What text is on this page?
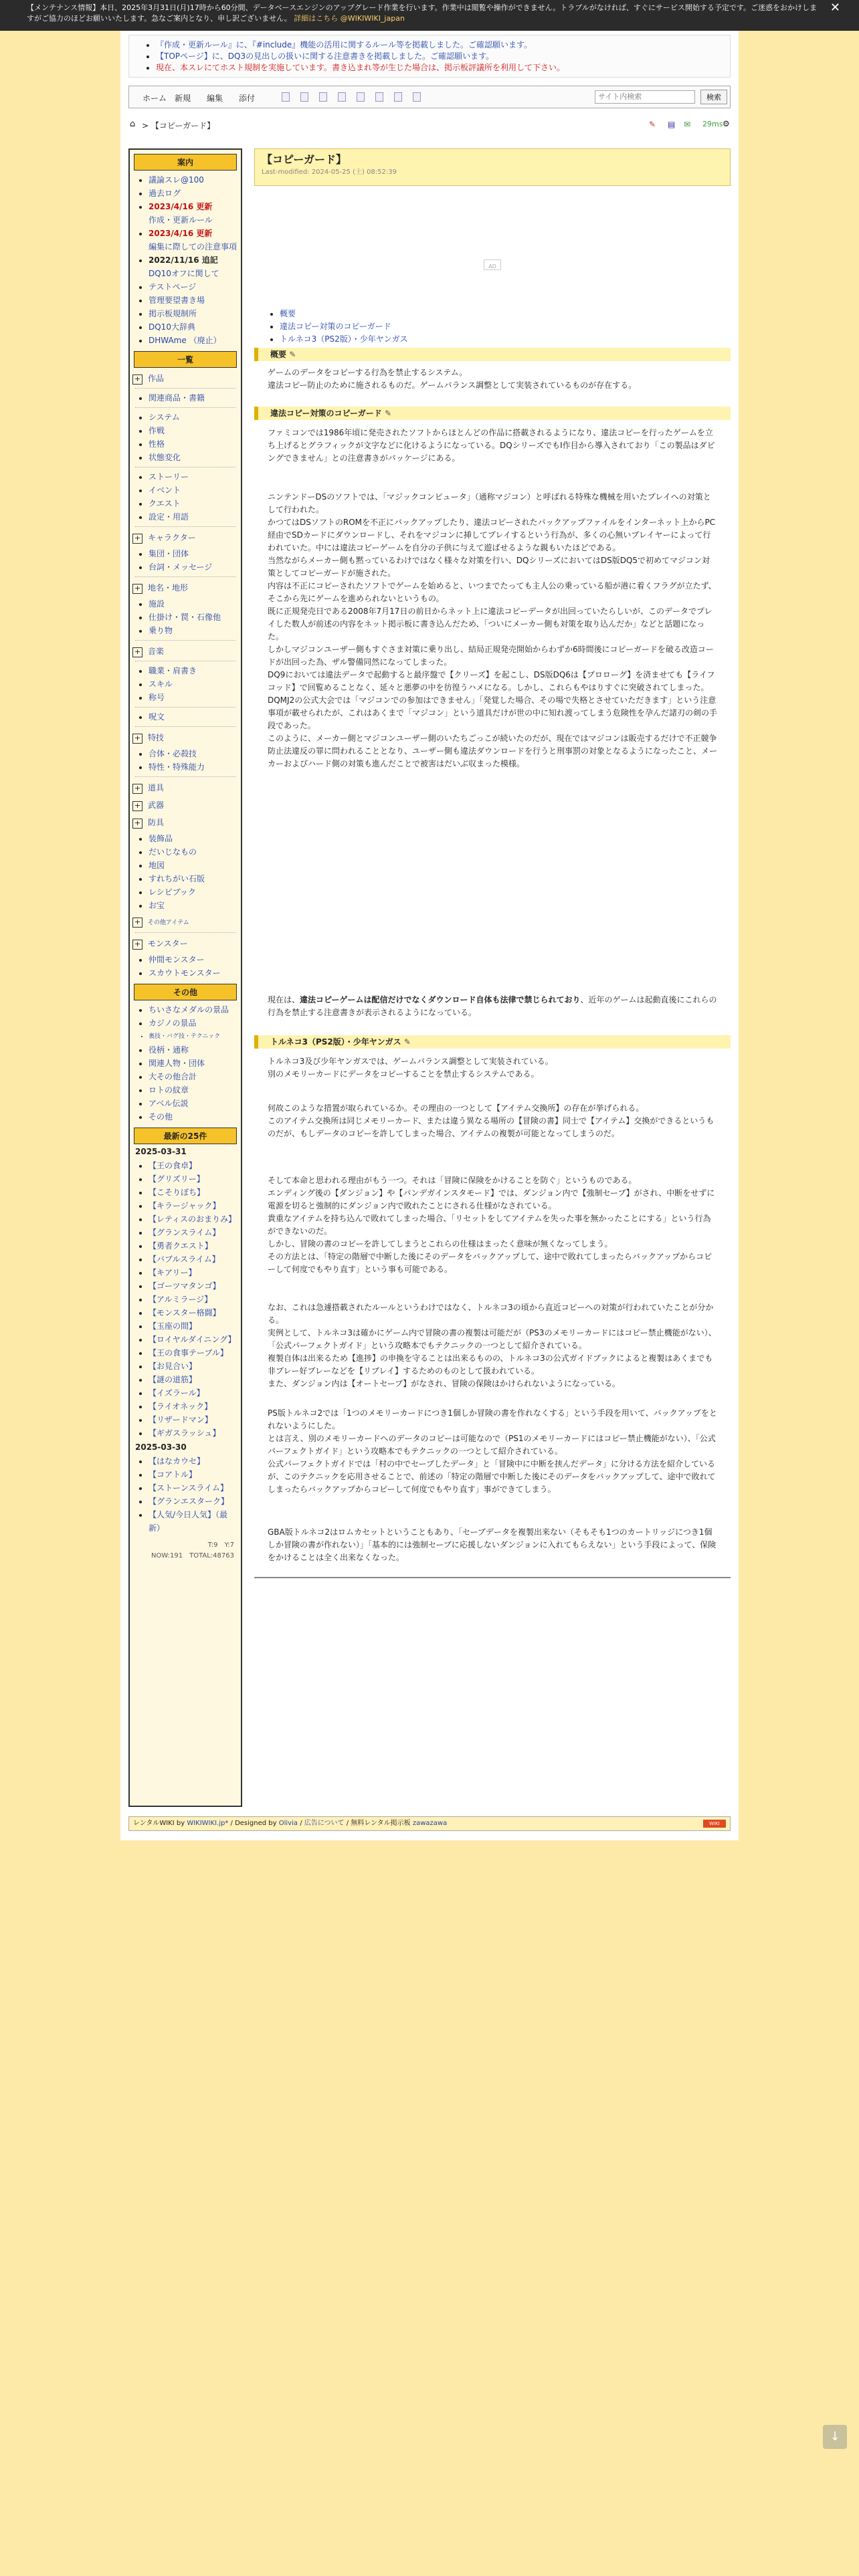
【メンテナンス情報】本日、2025年3月31日(月)17時から60分間、データベースエンジンのアップグレード作業を行います。作業中は閲覧や操作ができません。トラブルがなければ、すぐにサービス開始する予定です。ご迷惑をおかけしますがご協力のほどお願いいたします。急なご案内となり、申し訳ございません。 詳細はこちら @WIKIWIKI_japan
✕
• 『作成・更新ルール』に、『#include』機能の活用に関するルール等を掲載しました。ご確認願います。
• 【TOPページ】に、DQ3の見出しの扱いに関する注意書きを掲載しました。ご確認願います。
• 現在、本スレにてホスト規制を実施しています。書き込まれ等が生じた場合は、掲示板評議所を利用して下さい。
ホーム 新規 編集 添付
サイト内検索	検索
⌂ > 【コピーガード】	✎ ▤ ✉ 29ms ⚙
案内
• 議論スレ@100
• 過去ログ
• 2023/4/16 更新
作成・更新ルール
• 2023/4/16 更新
編集に際しての注意事項
• 2022/11/16 追記
DQ10オフに関して
• テストページ
• 管理要望書き場
• 掲示板規制所
• DQ10大辞典
• DHWAme （廃止）
一覧
+ 作品
• 関連商品・書籍
• システム
• 作戦
• 性格
• 状態変化
• ストーリー
• イベント
• クエスト
• 設定・用語
+ キャラクター
• 集団・団体
• 台詞・メッセージ
+ 地名・地形
• 施設
• 仕掛け・罠・石像他
• 乗り物
+ 音楽
• 職業・肩書き
• スキル
• 称号
• 呪文
+ 特技
• 合体・必殺技
• 特性・特殊能力
+ 道具
+ 武器
+ 防具
• 装飾品
• だいじなもの
• 地図
• すれちがい石版
• レシピブック
• お宝
+ その他アイテム
+ モンスター
• 仲間モンスター
• スカウトモンスター
その他
• ちいさなメダルの景品
• カジノの景品
• 裏技・バグ技・テクニック
• 役柄・通称
• 関連人物・団体
• 大その他合計
• ロトの紋章
• アベル伝説
• その他
最新の25件
2025-03-31
• 【王の食卓】
• 【グリズリー】
• 【こそりぼち】
• 【キラージャック】
• 【レティスのおまりみ】
• 【グランスライム】
• 【勇者クエスト】
• 【バブルスライム】
• 【キアリー】
• 【ゴーツマタンゴ】
• 【アルミラージ】
• 【モンスター格闘】
• 【玉座の間】
• 【ロイヤルダイニング】
• 【王の食事テーブル】
• 【お見合い】
• 【謎の道筋】
• 【イズラール】
• 【ライオネック】
• 【リザードマン】
• 【ギガスラッシュ】
2025-03-30
• 【はなカウセ】
• 【コアトル】
• 【ストーンスライム】
• 【グランエスターク】
• 【人気/今日人気】（最新）
T:9　Y:7
NOW:191　TOTAL:48763
【コピーガード】
Last-modified: 2024-05-25 (土) 08:52:39
AD
• 概要
• 違法コピー対策のコピーガード
• トルネコ3（PS2版）・少年ヤンガス
概要 ✎
ゲームのデータをコピーする行為を禁止するシステム。
違法コピー防止のために施されるものだ。ゲームバランス調整として実装されているものが存在する。
違法コピー対策のコピーガード ✎
ファミコンでは1986年頃に発売されたソフトからほとんどの作品に搭載されるようになり、違法コピーを行ったゲームを立ち上げるとグラフィックが文字などに化けるようになっている。DQシリーズでもI作目から導入されており「この製品はダビングできません」との注意書きがパッケージにある。
ニンテンドーDSのソフトでは、「マジックコンピュータ」（通称マジコン）と呼ばれる特殊な機械を用いたプレイへの対策として行われた。
かつてはDSソフトのROMを不正にバックアップしたり、違法コピーされたバックアップファイルをインターネット上からPC経由でSDカードにダウンロードし、それをマジコンに挿してプレイするという行為が、多くの心無いプレイヤーによって行われていた。中には違法コピーゲームを自分の子供に与えて遊ばせるような親もいたほどである。
当然ながらメーカー側も黙っているわけではなく様々な対策を行い、DQシリーズにおいてはDS版DQ5で初めてマジコン対策としてコピーガードが施された。
内容は不正にコピーされたソフトでゲームを始めると、いつまでたっても主人公の乗っている船が港に着くフラグが立たず、そこから先にゲームを進められないというもの。
既に正規発売日である2008年7月17日の前日からネット上に違法コピーデータが出回っていたらしいが、このデータでプレイした数人が前述の内容をネット掲示板に書き込んだため、「ついにメーカー側も対策を取り込んだか」などと話題になった。
しかしマジコンユーザー側もすぐさま対策に乗り出し、結局正規発売開始からわずか6時間後にコピーガードを破る改造コードが出回った為、ザル警備同然になってしまった。
DQ9においては違法データで起動すると最序盤で【クリーズ】を起こし、DS版DQ6は【ブロローグ】を済ませても【ライフコッド】で回覧めることなく、延々と悪夢の中を彷徨うハメになる。しかし、これらもやはりすぐに突破されてしまった。
DQMJ2の公式大会では「マジコンでの参加はできません」「発覚した場合、その場で失格とさせていただきます」という注意事項が載せられたが、これはあくまで「マジコン」という道具だけが世の中に知れ渡ってしまう危険性を孕んだ諸刃の剣の手段であった。
このように、メーカー側とマジコンユーザー側のいたちごっこが続いたのだが、現在ではマジコンは販売するだけで不正競争防止法違反の罪に問われることとなり、ユーザー側も違法ダウンロードを行うと刑事罰の対象となるようになったこと、メーカーおよびハード側の対策も進んだことで被害はだいぶ収まった模様。
現在は、違法コピーゲームは配信だけでなくダウンロード自体も法律で禁じられており、近年のゲームは起動直後にこれらの行為を禁止する注意書きが表示されるようになっている。
トルネコ3（PS2版）・少年ヤンガス ✎
トルネコ3及び少年ヤンガスでは、ゲームバランス調整として実装されている。
別のメモリーカードにデータをコピーすることを禁止するシステムである。
何故このような措置が取られているか。その理由の一つとして【アイテム交換所】の存在が挙げられる。
このアイテム交換所は同じメモリーカード、または違う異なる場所の【冒険の書】同士で【アイテム】交換ができるというものだが、もしデータのコピーを許してしまった場合、アイテムの複製が可能となってしまうのだ。
そして本命と思われる理由がもう一つ。それは「冒険に保険をかけることを防ぐ」というものである。
エンディング後の【ダンジョン】や【パンデガインスタモード】では、ダンジョン内で【強制セーブ】がされ、中断をせずに電源を切ると強制的にダンジョン内で敗れたことにされる仕様がなされている。
貴重なアイテムを持ち込んで敗れてしまった場合、「リセットをしてアイテムを失った事を無かったことにする」という行為ができないのだ。
しかし、冒険の書のコピーを許してしまうとこれらの仕様はまったく意味が無くなってしまう。
その方法とは、「特定の階層で中断した後にそのデータをバックアップして、途中で敗れてしまったらバックアップからコピーして何度でもやり直す」という事も可能である。
なお、これは急遽搭載されたルールというわけではなく、トルネコ3の頃から直近コピーへの対策が行われていたことが分かる。
実例として、トルネコ3は確かにゲーム内で冒険の書の複製は可能だが（PS3のメモリーカードにはコピー禁止機能がない）、「公式パーフェクトガイド」という攻略本でもテクニックの一つとして紹介されている。
複製自体は出来るため【進捗】の申換を守ることは出来るものの、トルネコ3の公式ガイドブックによると複製はあくまでも非プレー好プレーなどを【リブレイ】するためのものとして扱われている。
また、ダンジョン内は【オートセーブ】がなされ、冒険の保険はかけられないようになっている。
PS版トルネコ2では「1つのメモリーカードにつき1個しか冒険の書を作れなくする」という手段を用いて、バックアップをとれないようにした。
とは言え、別のメモリーカードへのデータのコピーは可能なので（PS1のメモリーカードにはコピー禁止機能がない）、「公式パーフェクトガイド」という攻略本でもテクニックの一つとして紹介されている。
公式パーフェクトガイドでは「村の中でセーブしたデータ」と「冒険中に中断を挟んだデータ」に分ける方法を紹介しているが、このテクニックを応用させることで、前述の「特定の階層で中断した後にそのデータをバックアップして、途中で敗れてしまったらバックアップからコピーして何度でもやり直す」事ができてしまう。
GBA版トルネコ2はロムカセットということもあり、「セーブデータを複製出来ない（そもそも1つのカートリッジにつき1個しか冒険の書が作れない）」「基本的には強制セーブに応援しないダンジョンに入れてもらえない」という手段によって、保険をかけることは全く出来なくなった。
レンタルWIKI by WIKIWIKI.jp* / Designed by Olivia / 広告について / 無料レンタル掲示板 zawazawa	WIKI
↓
